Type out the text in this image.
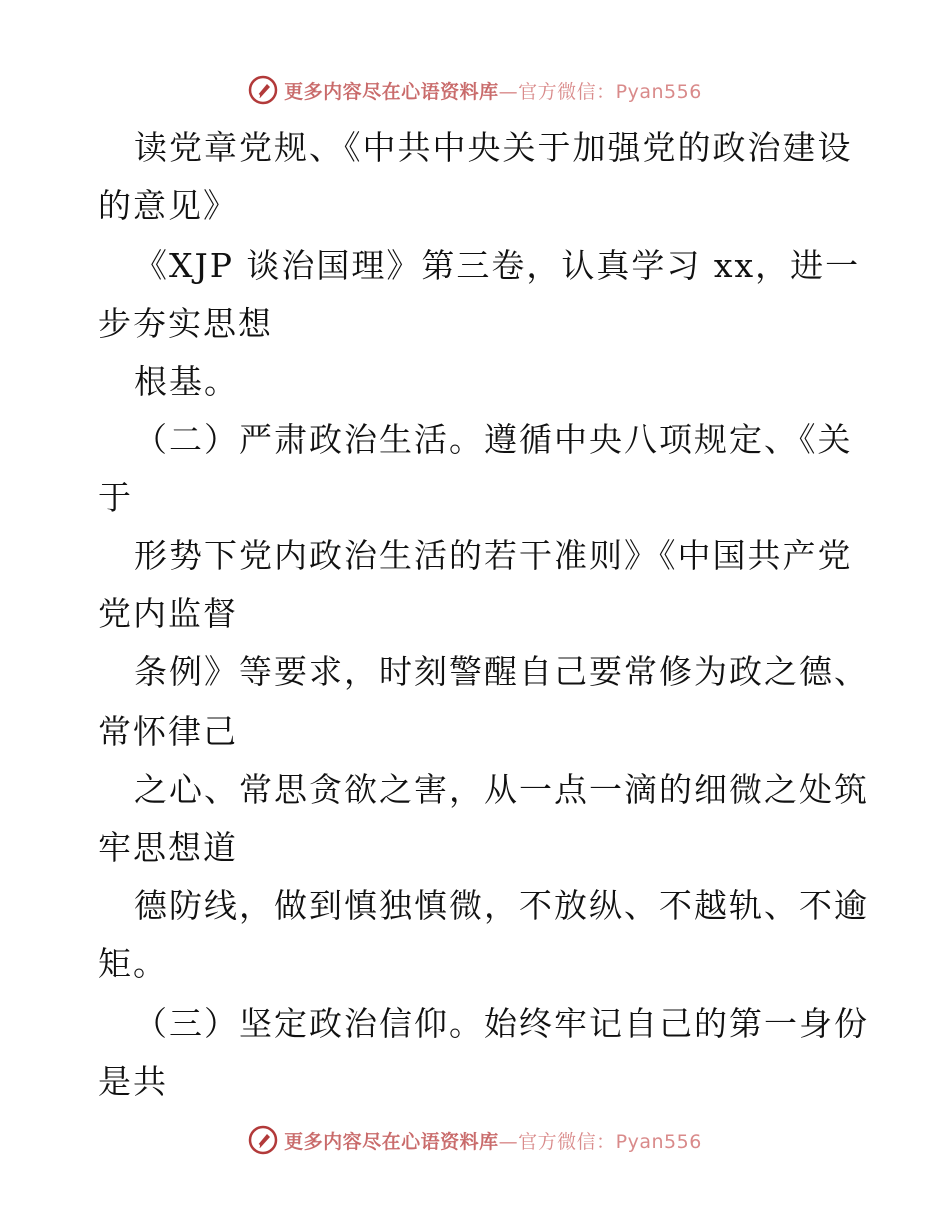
更多内容尽在心语资料库—官方微信：Pyan556
读党章党规、《中共中央关于加强党的政治建设
的意见》
《XJP 谈治国理》第三卷，认真学习 xx，进一
步夯实思想
根基。
（二）严肃政治生活。遵循中央八项规定、《关
于
形势下党内政治生活的若干准则》《中国共产党
党内监督
条例》等要求，时刻警醒自己要常修为政之德、
常怀律己
之心、常思贪欲之害，从一点一滴的细微之处筑
牢思想道
德防线，做到慎独慎微，不放纵、不越轨、不逾
矩。
（三）坚定政治信仰。始终牢记自己的第一身份
是共
更多内容尽在心语资料库—官方微信：Pyan556
